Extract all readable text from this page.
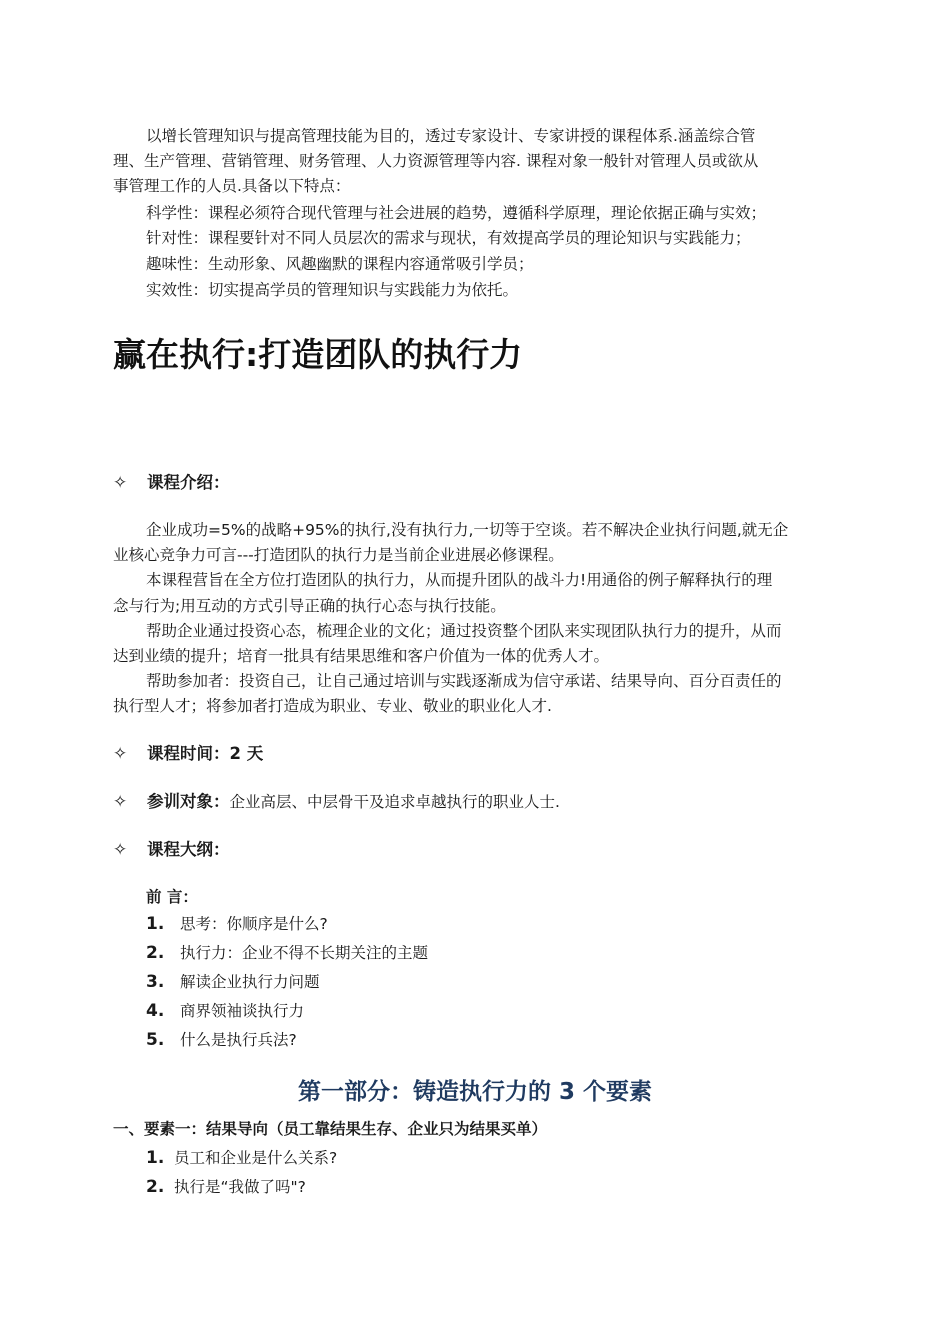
以增长管理知识与提高管理技能为目的，透过专家设计、专家讲授的课程体系.涵盖综合管
理、生产管理、营销管理、财务管理、人力资源管理等内容. 课程对象一般针对管理人员或欲从
事管理工作的人员.具备以下特点：
科学性：课程必须符合现代管理与社会进展的趋势，遵循科学原理，理论依据正确与实效；
针对性：课程要针对不同人员层次的需求与现状，有效提高学员的理论知识与实践能力；
趣味性：生动形象、风趣幽默的课程内容通常吸引学员；
实效性：切实提高学员的管理知识与实践能力为依托。
赢在执行:打造团队的执行力
✧ 课程介绍：
企业成功=5%的战略+95%的执行,没有执行力,一切等于空谈。若不解决企业执行问题,就无企
业核心竞争力可言---打造团队的执行力是当前企业进展必修课程。
本课程营旨在全方位打造团队的执行力，从而提升团队的战斗力!用通俗的例子解释执行的理
念与行为;用互动的方式引导正确的执行心态与执行技能。
帮助企业通过投资心态，梳理企业的文化；通过投资整个团队来实现团队执行力的提升，从而
达到业绩的提升；培育一批具有结果思维和客户价值为一体的优秀人才。
帮助参加者：投资自己，让自己通过培训与实践逐渐成为信守承诺、结果导向、百分百责任的
执行型人才；将参加者打造成为职业、专业、敬业的职业化人才.
✧ 课程时间：2 天
✧ 参训对象：企业高层、中层骨干及追求卓越执行的职业人士.
✧ 课程大纲：
前 言：
1. 思考：你顺序是什么?
2. 执行力：企业不得不长期关注的主题
3. 解读企业执行力问题
4. 商界领袖谈执行力
5. 什么是执行兵法?
第一部分：铸造执行力的 3 个要素
一、要素一：结果导向（员工靠结果生存、企业只为结果买单）
1. 员工和企业是什么关系?
2. 执行是“我做了吗"?
